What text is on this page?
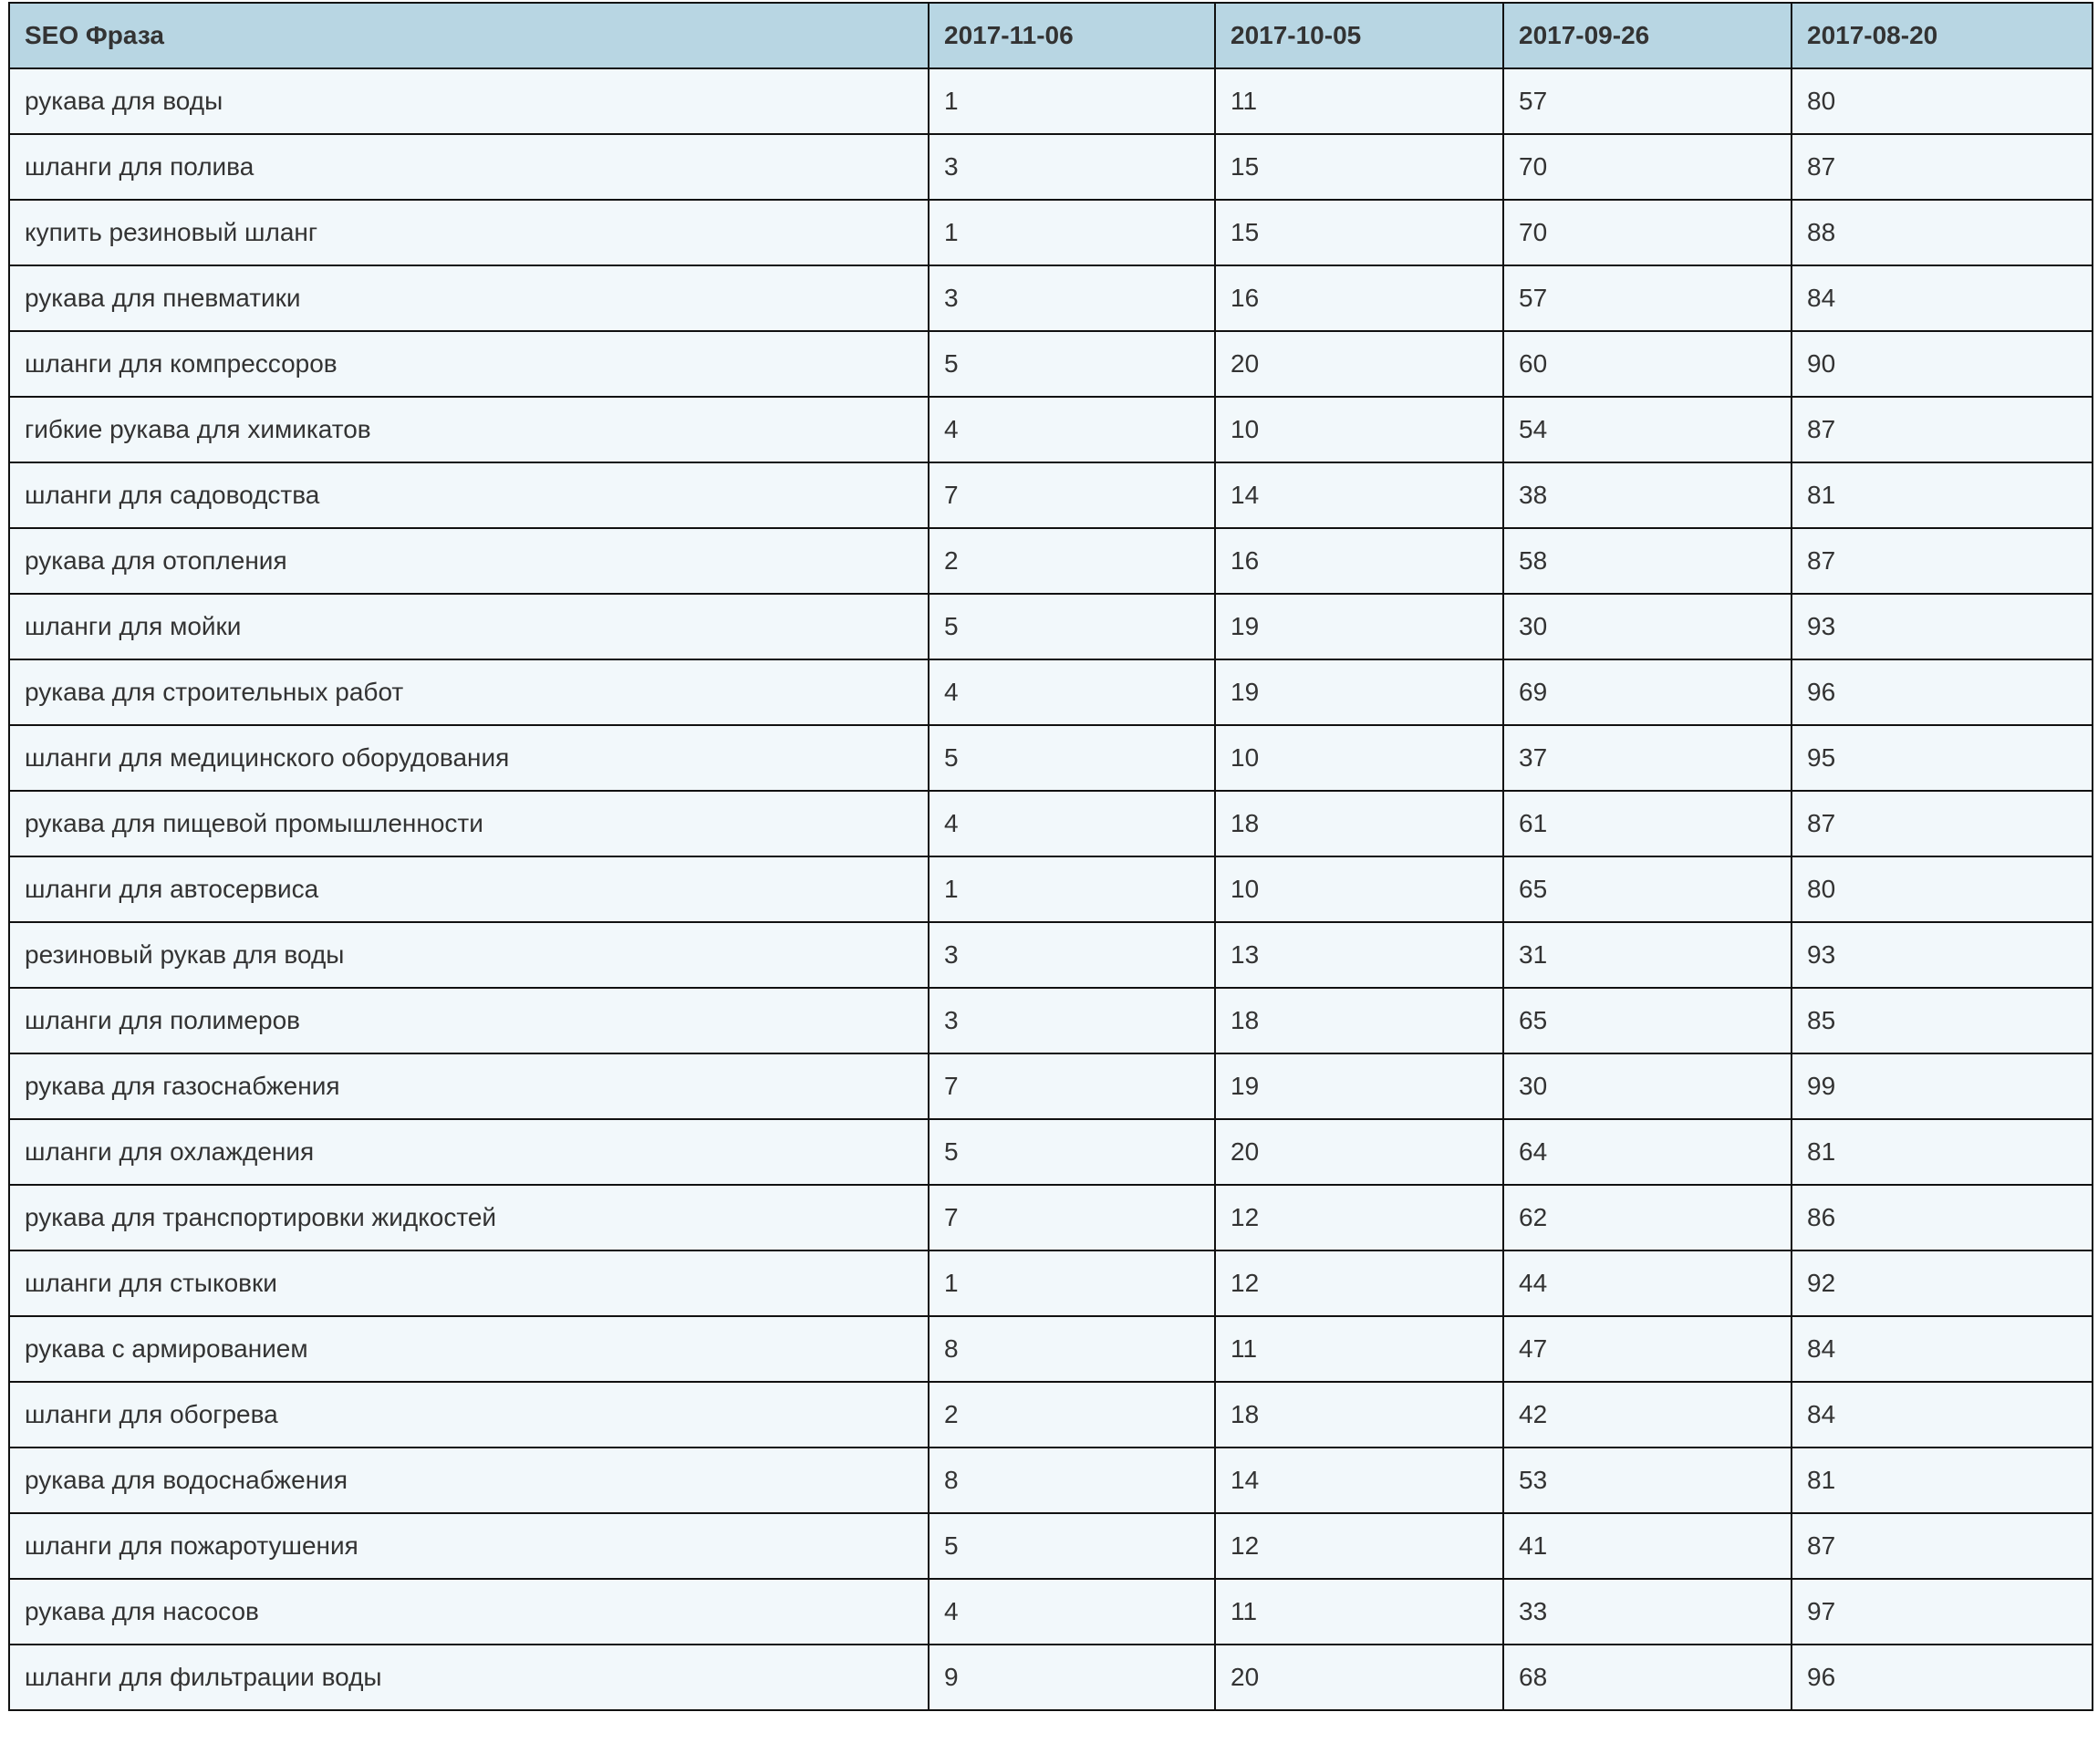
SEO Фраза	2017-11-06	2017-10-05	2017-09-26	2017-08-20
рукава для воды	1	11	57	80
шланги для полива	3	15	70	87
купить резиновый шланг	1	15	70	88
рукава для пневматики	3	16	57	84
шланги для компрессоров	5	20	60	90
гибкие рукава для химикатов	4	10	54	87
шланги для садоводства	7	14	38	81
рукава для отопления	2	16	58	87
шланги для мойки	5	19	30	93
рукава для строительных работ	4	19	69	96
шланги для медицинского оборудования	5	10	37	95
рукава для пищевой промышленности	4	18	61	87
шланги для автосервиса	1	10	65	80
резиновый рукав для воды	3	13	31	93
шланги для полимеров	3	18	65	85
рукава для газоснабжения	7	19	30	99
шланги для охлаждения	5	20	64	81
рукава для транспортировки жидкостей	7	12	62	86
шланги для стыковки	1	12	44	92
рукава с армированием	8	11	47	84
шланги для обогрева	2	18	42	84
рукава для водоснабжения	8	14	53	81
шланги для пожаротушения	5	12	41	87
рукава для насосов	4	11	33	97
шланги для фильтрации воды	9	20	68	96
